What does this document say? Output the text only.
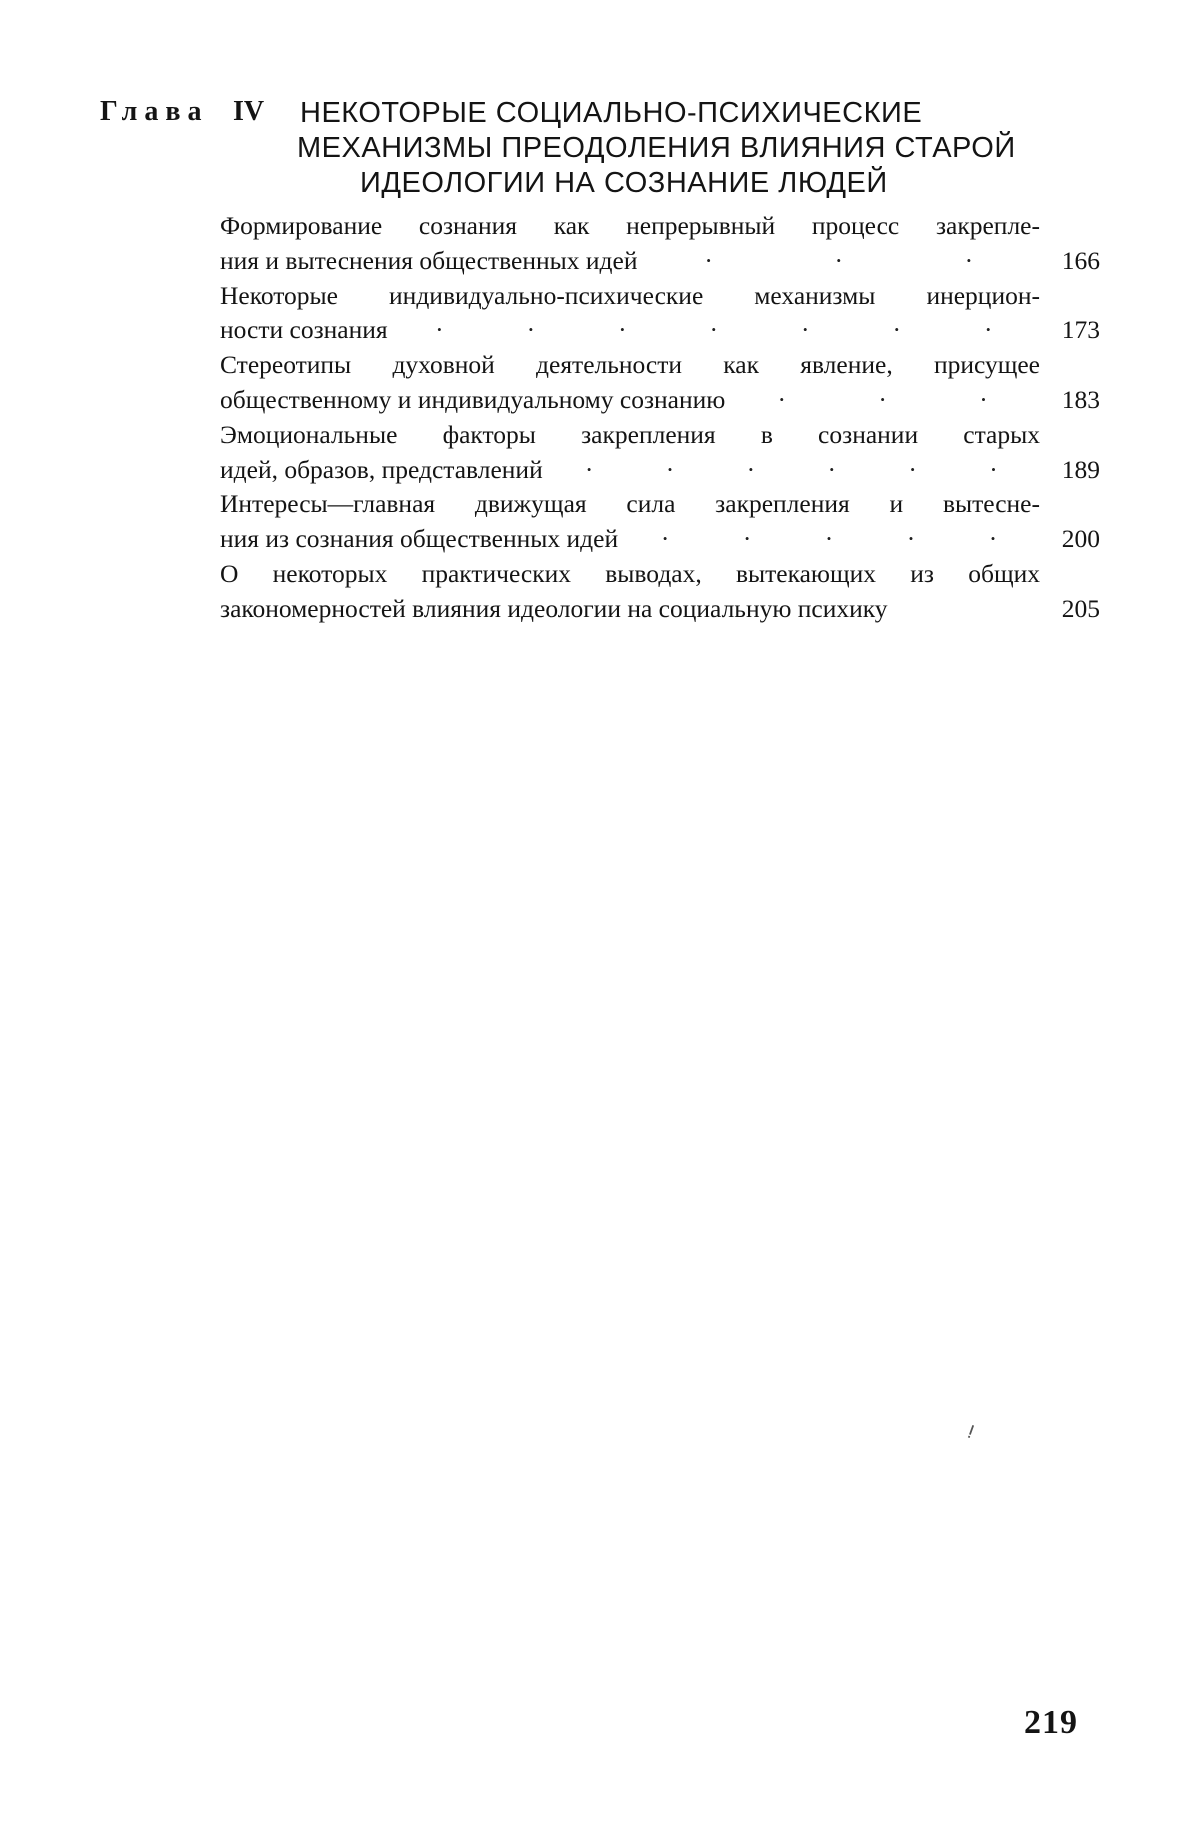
Глава IV НЕКОТОРЫЕ СОЦИАЛЬНО-ПСИХИЧЕСКИЕ
МЕХАНИЗМЫ ПРЕОДОЛЕНИЯ ВЛИЯНИЯ СТАРОЙ
ИДЕОЛОГИИ НА СОЗНАНИЕ ЛЮДЕЙ
Формирование сознания как непрерывный процесс закрепле-
ния и вытеснения общественных идей	·	·	·	166
Некоторые индивидуально-психические механизмы инерцион-
ности сознания ·	·	·	·	·	·	·	173
Стереотипы духовной деятельности как явление, присущее
общественному и индивидуальному сознанию ·	·	·	183
Эмоциональные факторы закрепления в сознании старых
идей, образов, представлений ·	·	·	·	·	·	189
Интересы—главная движущая сила закрепления и вытесне-
ния из сознания общественных идей ·	·	·	·	·	200
О некоторых практических выводах, вытекающих из общих
закономерностей влияния идеологии на социальную психику	205
ⵑ
219
